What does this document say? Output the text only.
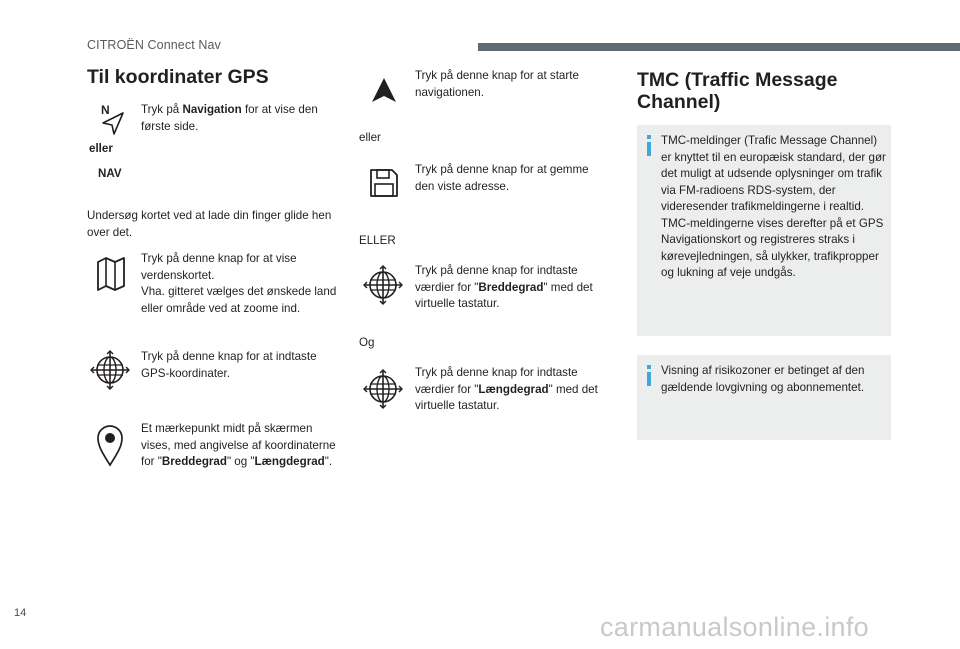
CITROËN Connect Nav
Til koordinater GPS
N	Tryk på Navigation for at vise den første side.
eller
NAV
Undersøg kortet ved at lade din finger glide hen over det.
Tryk på denne knap for at vise verdenskortet.
Vha. gitteret vælges det ønskede land eller område ved at zoome ind.
Tryk på denne knap for at indtaste GPS-koordinater.
Et mærkepunkt midt på skærmen vises, med angivelse af koordinaterne for "Breddegrad" og "Længdegrad".
Tryk på denne knap for at starte navigationen.
eller
Tryk på denne knap for at gemme den viste adresse.
ELLER
Tryk på denne knap for indtaste værdier for "Breddegrad" med det virtuelle tastatur.
Og
Tryk på denne knap for indtaste værdier for "Længdegrad" med det virtuelle tastatur.
TMC (Traffic Message Channel)
TMC-meldinger (Trafic Message Channel) er knyttet til en europæisk standard, der gør det muligt at udsende oplysninger om trafik via FM-radioens RDS-system, der videresender trafikmeldingerne i realtid. TMC-meldingerne vises derefter på et GPS Navigationskort og registreres straks i kørevejledningen, så ulykker, trafikpropper og lukning af veje undgås.
Visning af risikozoner er betinget af den gældende lovgivning og abonnementet.
14	carmanualsonline.info
